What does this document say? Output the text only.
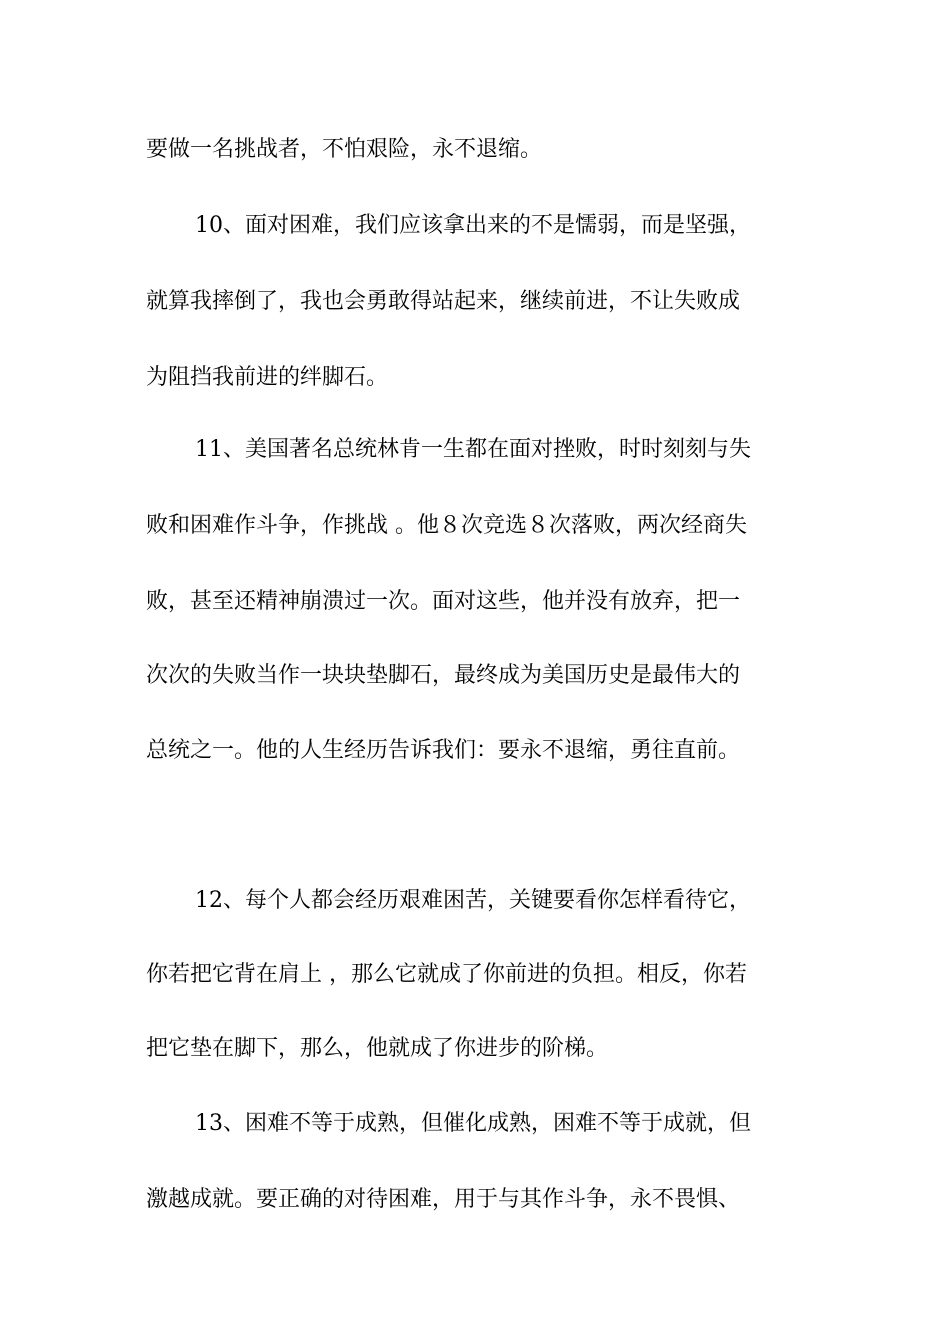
要做一名挑战者，不怕艰险，永不退缩。
10、面对困难，我们应该拿出来的不是懦弱，而是坚强，
就算我摔倒了，我也会勇敢得站起来，继续前进，不让失败成
为阻挡我前进的绊脚石。
11、美国著名总统林肯一生都在面对挫败，时时刻刻与失
败和困难作斗争，作挑战 。他８次竞选８次落败，两次经商失
败，甚至还精神崩溃过一次。面对这些，他并没有放弃，把一
次次的失败当作一块块垫脚石，最终成为美国历史是最伟大的
总统之一。他的人生经历告诉我们：要永不退缩，勇往直前。
12、每个人都会经历艰难困苦，关键要看你怎样看待它，
你若把它背在肩上 ，那么它就成了你前进的负担。相反，你若
把它垫在脚下，那么，他就成了你进步的阶梯。
13、困难不等于成熟，但催化成熟，困难不等于成就，但
激越成就。要正确的对待困难，用于与其作斗争，永不畏惧、
